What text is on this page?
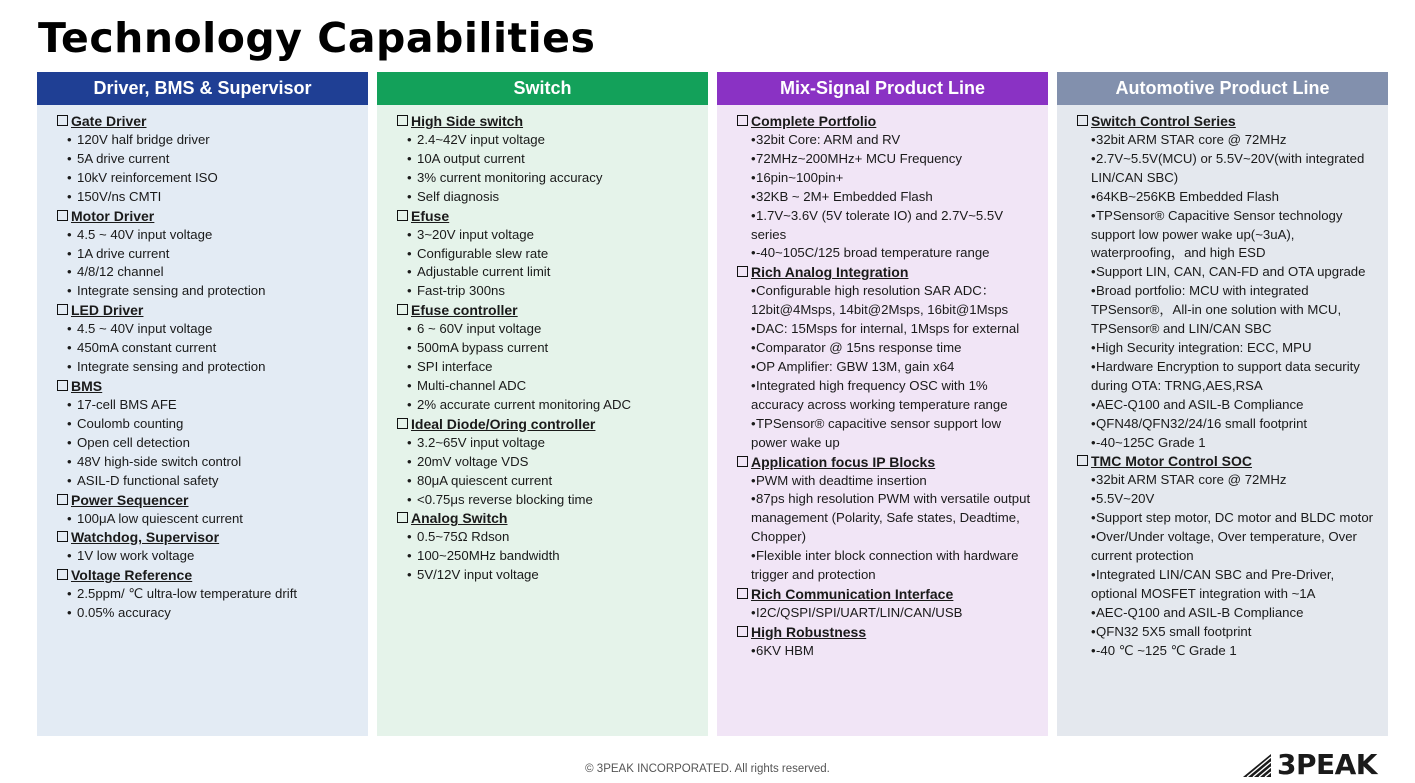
Technology Capabilities
Driver, BMS & Supervisor
Gate Driver
• 120V half bridge driver
• 5A drive current
• 10kV reinforcement ISO
• 150V/ns CMTI
Motor Driver
• 4.5 ~ 40V input voltage
• 1A drive current
• 4/8/12 channel
• Integrate sensing and protection
LED Driver
• 4.5 ~ 40V input voltage
• 450mA constant current
• Integrate sensing and protection
BMS
• 17-cell BMS AFE
• Coulomb counting
• Open cell detection
• 48V high-side switch control
• ASIL-D functional safety
Power Sequencer
• 100μA low quiescent current
Watchdog, Supervisor
• 1V low work voltage
Voltage Reference
• 2.5ppm/ ℃ ultra-low temperature drift
• 0.05% accuracy
Switch
High Side switch
• 2.4~42V input voltage
• 10A output current
• 3% current monitoring accuracy
• Self diagnosis
Efuse
• 3~20V input voltage
• Configurable slew rate
• Adjustable current limit
• Fast-trip 300ns
Efuse controller
• 6 ~ 60V input voltage
• 500mA bypass current
• SPI interface
• Multi-channel ADC
• 2% accurate current monitoring ADC
Ideal Diode/Oring controller
• 3.2~65V input voltage
• 20mV voltage VDS
• 80μA quiescent current
• <0.75μs reverse blocking time
Analog Switch
• 0.5~75Ω Rdson
• 100~250MHz bandwidth
• 5V/12V input voltage
Mix-Signal Product Line
Complete Portfolio
• 32bit Core: ARM and RV
• 72MHz~200MHz+ MCU Frequency
• 16pin~100pin+
• 32KB ~ 2M+ Embedded Flash
• 1.7V~3.6V (5V tolerate IO) and 2.7V~5.5V series
• -40~105C/125 broad temperature range
Rich Analog Integration
• Configurable high resolution SAR ADC：12bit@4Msps, 14bit@2Msps, 16bit@1Msps
• DAC: 15Msps for internal, 1Msps for external
• Comparator @ 15ns response time
• OP Amplifier: GBW 13M, gain x64
• Integrated high frequency OSC with 1% accuracy across working temperature range
• TPSensor® capacitive sensor support low power wake up
Application focus IP Blocks
• PWM with deadtime insertion
• 87ps high resolution PWM with versatile output management (Polarity, Safe states, Deadtime, Chopper)
• Flexible inter block connection with hardware trigger and protection
Rich Communication Interface
• I2C/QSPI/SPI/UART/LIN/CAN/USB
High Robustness
• 6KV HBM
Automotive Product Line
Switch Control Series
• 32bit ARM STAR core @ 72MHz
• 2.7V~5.5V(MCU) or 5.5V~20V(with integrated LIN/CAN SBC)
• 64KB~256KB Embedded Flash
• TPSensor® Capacitive Sensor technology support low power wake up(~3uA), waterproofing，and high ESD
• Support LIN, CAN, CAN-FD and OTA upgrade
• Broad portfolio: MCU with integrated TPSensor®，All-in one solution with MCU, TPSensor® and LIN/CAN SBC
• High Security integration: ECC, MPU
• Hardware Encryption to support data security during OTA: TRNG,AES,RSA
• AEC-Q100 and ASIL-B Compliance
• QFN48/QFN32/24/16 small footprint
• -40~125C Grade 1
TMC Motor Control SOC
• 32bit ARM STAR core @ 72MHz
• 5.5V~20V
• Support step motor, DC motor and BLDC motor
• Over/Under voltage, Over temperature, Over current protection
• Integrated LIN/CAN SBC and Pre-Driver, optional MOSFET integration with ~1A
• AEC-Q100 and ASIL-B Compliance
• QFN32 5X5 small footprint
• -40 ℃ ~125 ℃ Grade 1
© 3PEAK INCORPORATED. All rights reserved.	3PEAK
